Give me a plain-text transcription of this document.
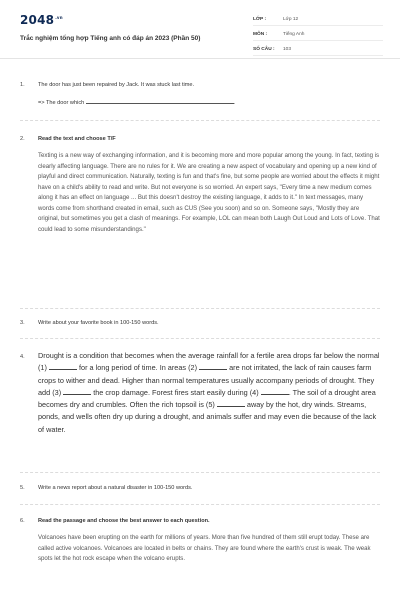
$2048^{.vn}$
Trắc nghiệm tổng hợp Tiếng anh có đáp án 2023 (Phần 50)
LỚP :	Lớp 12
MÔN :	Tiếng Anh
SỐ CÂU :	103
1. The door has just been repaired by Jack. It was stuck last time.
=> The door which	.
2. Read the text and choose T/F
Texting is a new way of exchanging information, and it is becoming more and more popular among the young. In fact, texting is clearly affecting language. There are no rules for it. We are creating a new aspect of vocabulary and opening up a new kind of playful and direct communication. Naturally, texting is fun and that's fine, but some people are worried about the effects it might have on a child's ability to read and write. But not everyone is so worried. An expert says, "Every time a new medium comes along it has an effect on language ... But this doesn't destroy the existing language, it adds to it." In text messages, many words come from shorthand created in email, such as CUS (See you soon) and so on. Someone says, "Mostly they are original, but sometimes you get a clash of meanings. For example, LOL can mean both Laugh Out Loud and Lots of Love. That could lead to some misunderstandings."
3. Write about your favorite book in 100-150 words.
4. Drought is a condition that becomes when the average rainfall for a fertile area drops far below the normal (1)	for a long period of time. In areas (2)	are not irritated, the lack of rain causes farm crops to wither and dead. Higher than normal temperatures usually accompany periods of drought. They add (3)	the crop damage. Forest fires start easily during (4)	. The soil of a drought area becomes dry and crumbles. Often the rich topsoil is (5)	away by the hot, dry winds. Streams, ponds, and wells often dry up during a drought, and animals suffer and may even die because of the lack of water.
5. Write a news report about a natural disaster in 100-150 words.
6. Read the passage and choose the best answer to each question.
Volcanoes have been erupting on the earth for millions of years. More than five hundred of them still erupt today. These are called active volcanoes. Volcanoes are located in belts or chains. They are found where the earth's crust is weak. The weak spots let the hot rock escape when the volcano erupts.
